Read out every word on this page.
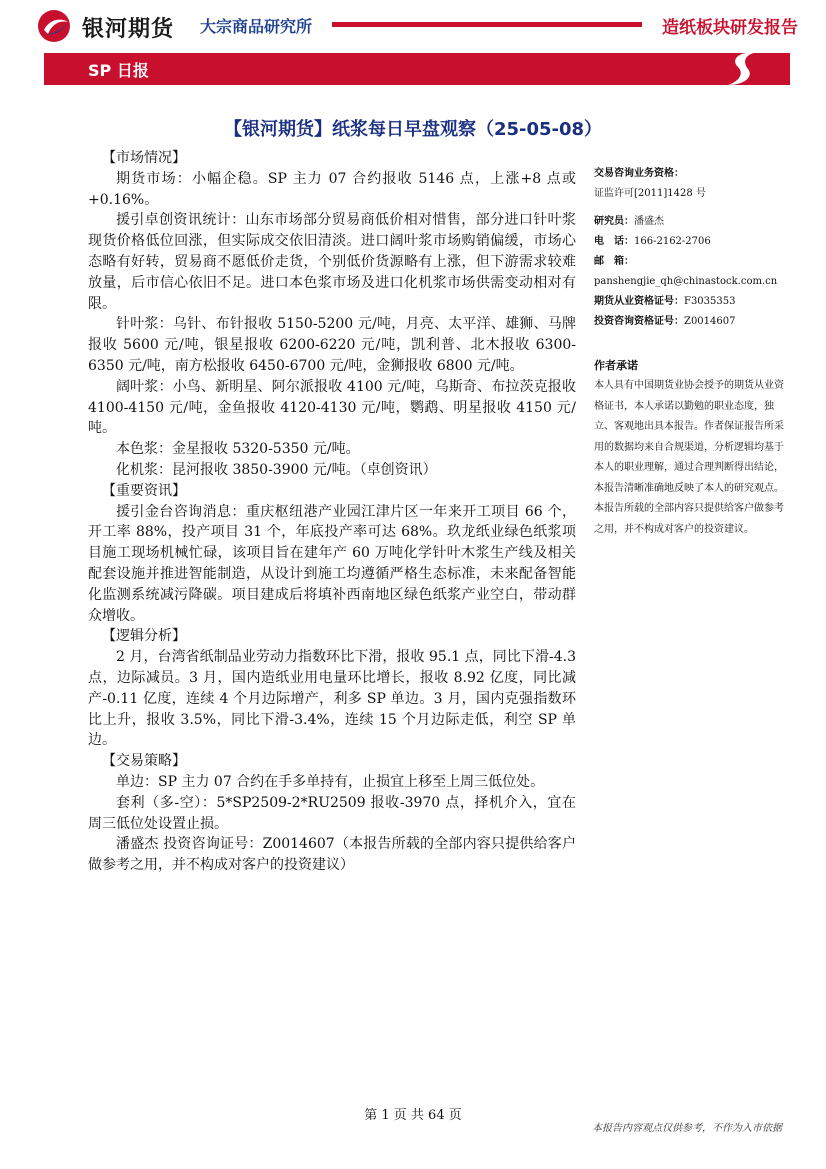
银河期货 大宗商品研究所	造纸板块研发报告
SP 日报
【银河期货】纸浆每日早盘观察（25-05-08）

【市场情况】

期货市场：小幅企稳。SP 主力 07 合约报收 5146 点，上涨+8 点或+0.16%。

援引卓创资讯统计：山东市场部分贸易商低价相对惜售，部分进口针叶浆现货价格低位回涨，但实际成交依旧清淡。进口阔叶浆市场购销偏缓，市场心态略有好转，贸易商不愿低价走货，个别低价货源略有上涨，但下游需求较难放量，后市信心依旧不足。进口本色浆市场及进口化机浆市场供需变动相对有限。

针叶浆：乌针、布针报收 5150-5200 元/吨，月亮、太平洋、雄狮、马牌报收 5600 元/吨，银星报收 6200-6220 元/吨，凯利普、北木报收 6300-6350 元/吨，南方松报收 6450-6700 元/吨，金狮报收 6800 元/吨。

阔叶浆：小鸟、新明星、阿尔派报收 4100 元/吨，乌斯奇、布拉茨克报收 4100-4150 元/吨，金鱼报收 4120-4130 元/吨，鹦鹉、明星报收 4150 元/吨。

本色浆：金星报收 5320-5350 元/吨。

化机浆：昆河报收 3850-3900 元/吨。（卓创资讯）

【重要资讯】

援引金台咨询消息：重庆枢纽港产业园江津片区一年来开工项目 66 个，开工率 88%，投产项目 31 个，年底投产率可达 68%。玖龙纸业绿色纸浆项目施工现场机械忙碌，该项目旨在建年产 60 万吨化学针叶木浆生产线及相关配套设施并推进智能制造，从设计到施工均遵循严格生态标准，未来配备智能化监测系统减污降碳。项目建成后将填补西南地区绿色纸浆产业空白，带动群众增收。

【逻辑分析】

2 月，台湾省纸制品业劳动力指数环比下滑，报收 95.1 点，同比下滑-4.3 点，边际减员。3 月，国内造纸业用电量环比增长，报收 8.92 亿度，同比减产-0.11 亿度，连续 4 个月边际增产，利多 SP 单边。3 月，国内克强指数环比上升，报收 3.5%，同比下滑-3.4%，连续 15 个月边际走低，利空 SP 单边。

【交易策略】

单边：SP 主力 07 合约在手多单持有，止损宜上移至上周三低位处。

套利（多-空）：5*SP2509-2*RU2509 报收-3970 点，择机介入，宜在周三低位处设置止损。

潘盛杰 投资咨询证号：Z0014607（本报告所载的全部内容只提供给客户做参考之用，并不构成对客户的投资建议）

交易咨询业务资格：
证监许可[2011]1428 号
研究员：潘盛杰
电　话：166-2162-2706
邮　箱：
panshengjie_qh@chinastock.com.cn
期货从业资格证号：F3035353
投资咨询资格证号：Z0014607
作者承诺
本人具有中国期货业协会授予的期货从业资格证书，本人承诺以勤勉的职业态度，独立、客观地出具本报告。作者保证报告所采用的数据均来自合规渠道，分析逻辑均基于本人的职业理解，通过合理判断得出结论，本报告清晰准确地反映了本人的研究观点。本报告所载的全部内容只提供给客户做参考之用，并不构成对客户的投资建议。
第 1 页 共 64 页
本报告内容观点仅供参考，不作为入市依据
